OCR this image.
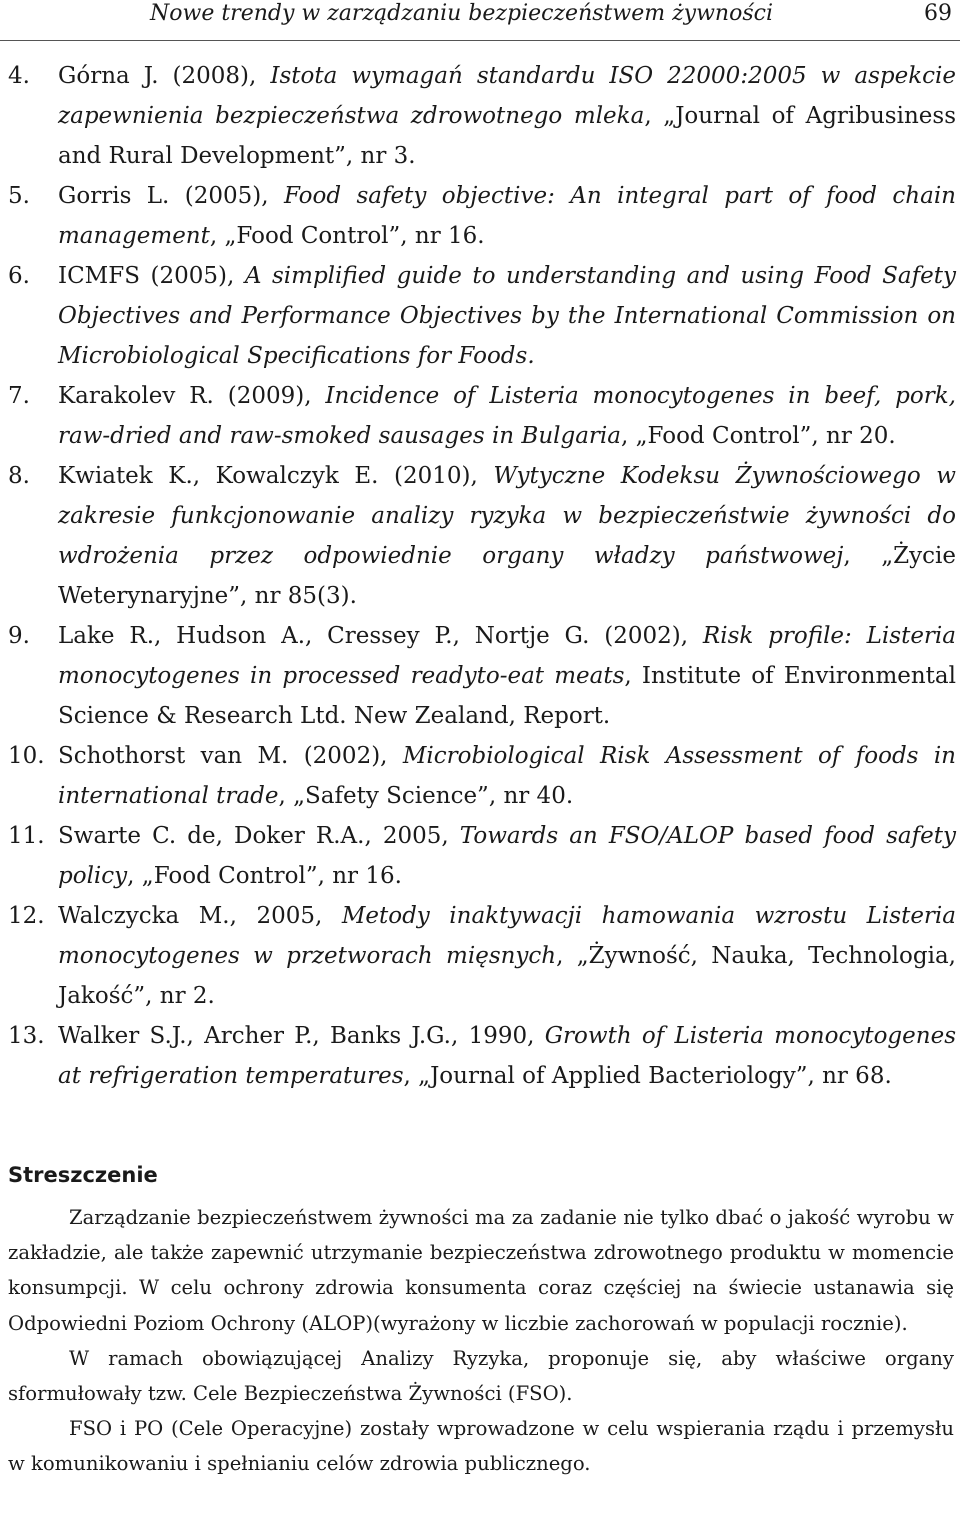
Nowe trendy w zarządzaniu bezpieczeństwem żywności	69
4. Górna J. (2008), Istota wymagań standardu ISO 22000:2005 w aspekcie zapewnienia bezpieczeństwa zdrowotnego mleka, „Journal of Agribusiness and Rural Development”, nr 3.
5. Gorris L. (2005), Food safety objective: An integral part of food chain management, „Food Control”, nr 16.
6. ICMFS (2005), A simplified guide to understanding and using Food Safety Objectives and Performance Objectives by the International Commission on Microbiological Specifications for Foods.
7. Karakolev R. (2009), Incidence of Listeria monocytogenes in beef, pork, raw-dried and raw-smoked sausages in Bulgaria, „Food Control”, nr 20.
8. Kwiatek K., Kowalczyk E. (2010), Wytyczne Kodeksu Żywnościowego w zakresie funkcjonowanie analizy ryzyka w bezpieczeństwie żywności do wdrożenia przez odpowiednie organy władzy państwowej, „Życie Weterynaryjne”, nr 85(3).
9. Lake R., Hudson A., Cressey P., Nortje G. (2002), Risk profile: Listeria monocytogenes in processed readyto-eat meats, Institute of Environmental Science & Research Ltd. New Zealand, Report.
10. Schothorst van M. (2002), Microbiological Risk Assessment of foods in international trade, „Safety Science”, nr 40.
11. Swarte C. de, Doker R.A., 2005, Towards an FSO/ALOP based food safety policy, „Food Control”, nr 16.
12. Walczycka M., 2005, Metody inaktywacji hamowania wzrostu Listeria monocytogenes w przetworach mięsnych, „Żywność, Nauka, Technologia, Jakość”, nr 2.
13. Walker S.J., Archer P., Banks J.G., 1990, Growth of Listeria monocytogenes at refrigeration temperatures, „Journal of Applied Bacteriology”, nr 68.
Streszczenie

Zarządzanie bezpieczeństwem żywności ma za zadanie nie tylko dbać o jakość wyrobu w zakładzie, ale także zapewnić utrzymanie bezpieczeństwa zdrowotnego produktu w momencie konsumpcji. W celu ochrony zdrowia konsumenta coraz częściej na świecie ustanawia się Odpowiedni Poziom Ochrony (ALOP)(wyrażony w liczbie zachorowań w populacji rocznie).

W ramach obowiązującej Analizy Ryzyka, proponuje się, aby właściwe organy sformułowały tzw. Cele Bezpieczeństwa Żywności (FSO).

FSO i PO (Cele Operacyjne) zostały wprowadzone w celu wspierania rządu i przemysłu w komunikowaniu i spełnianiu celów zdrowia publicznego.
